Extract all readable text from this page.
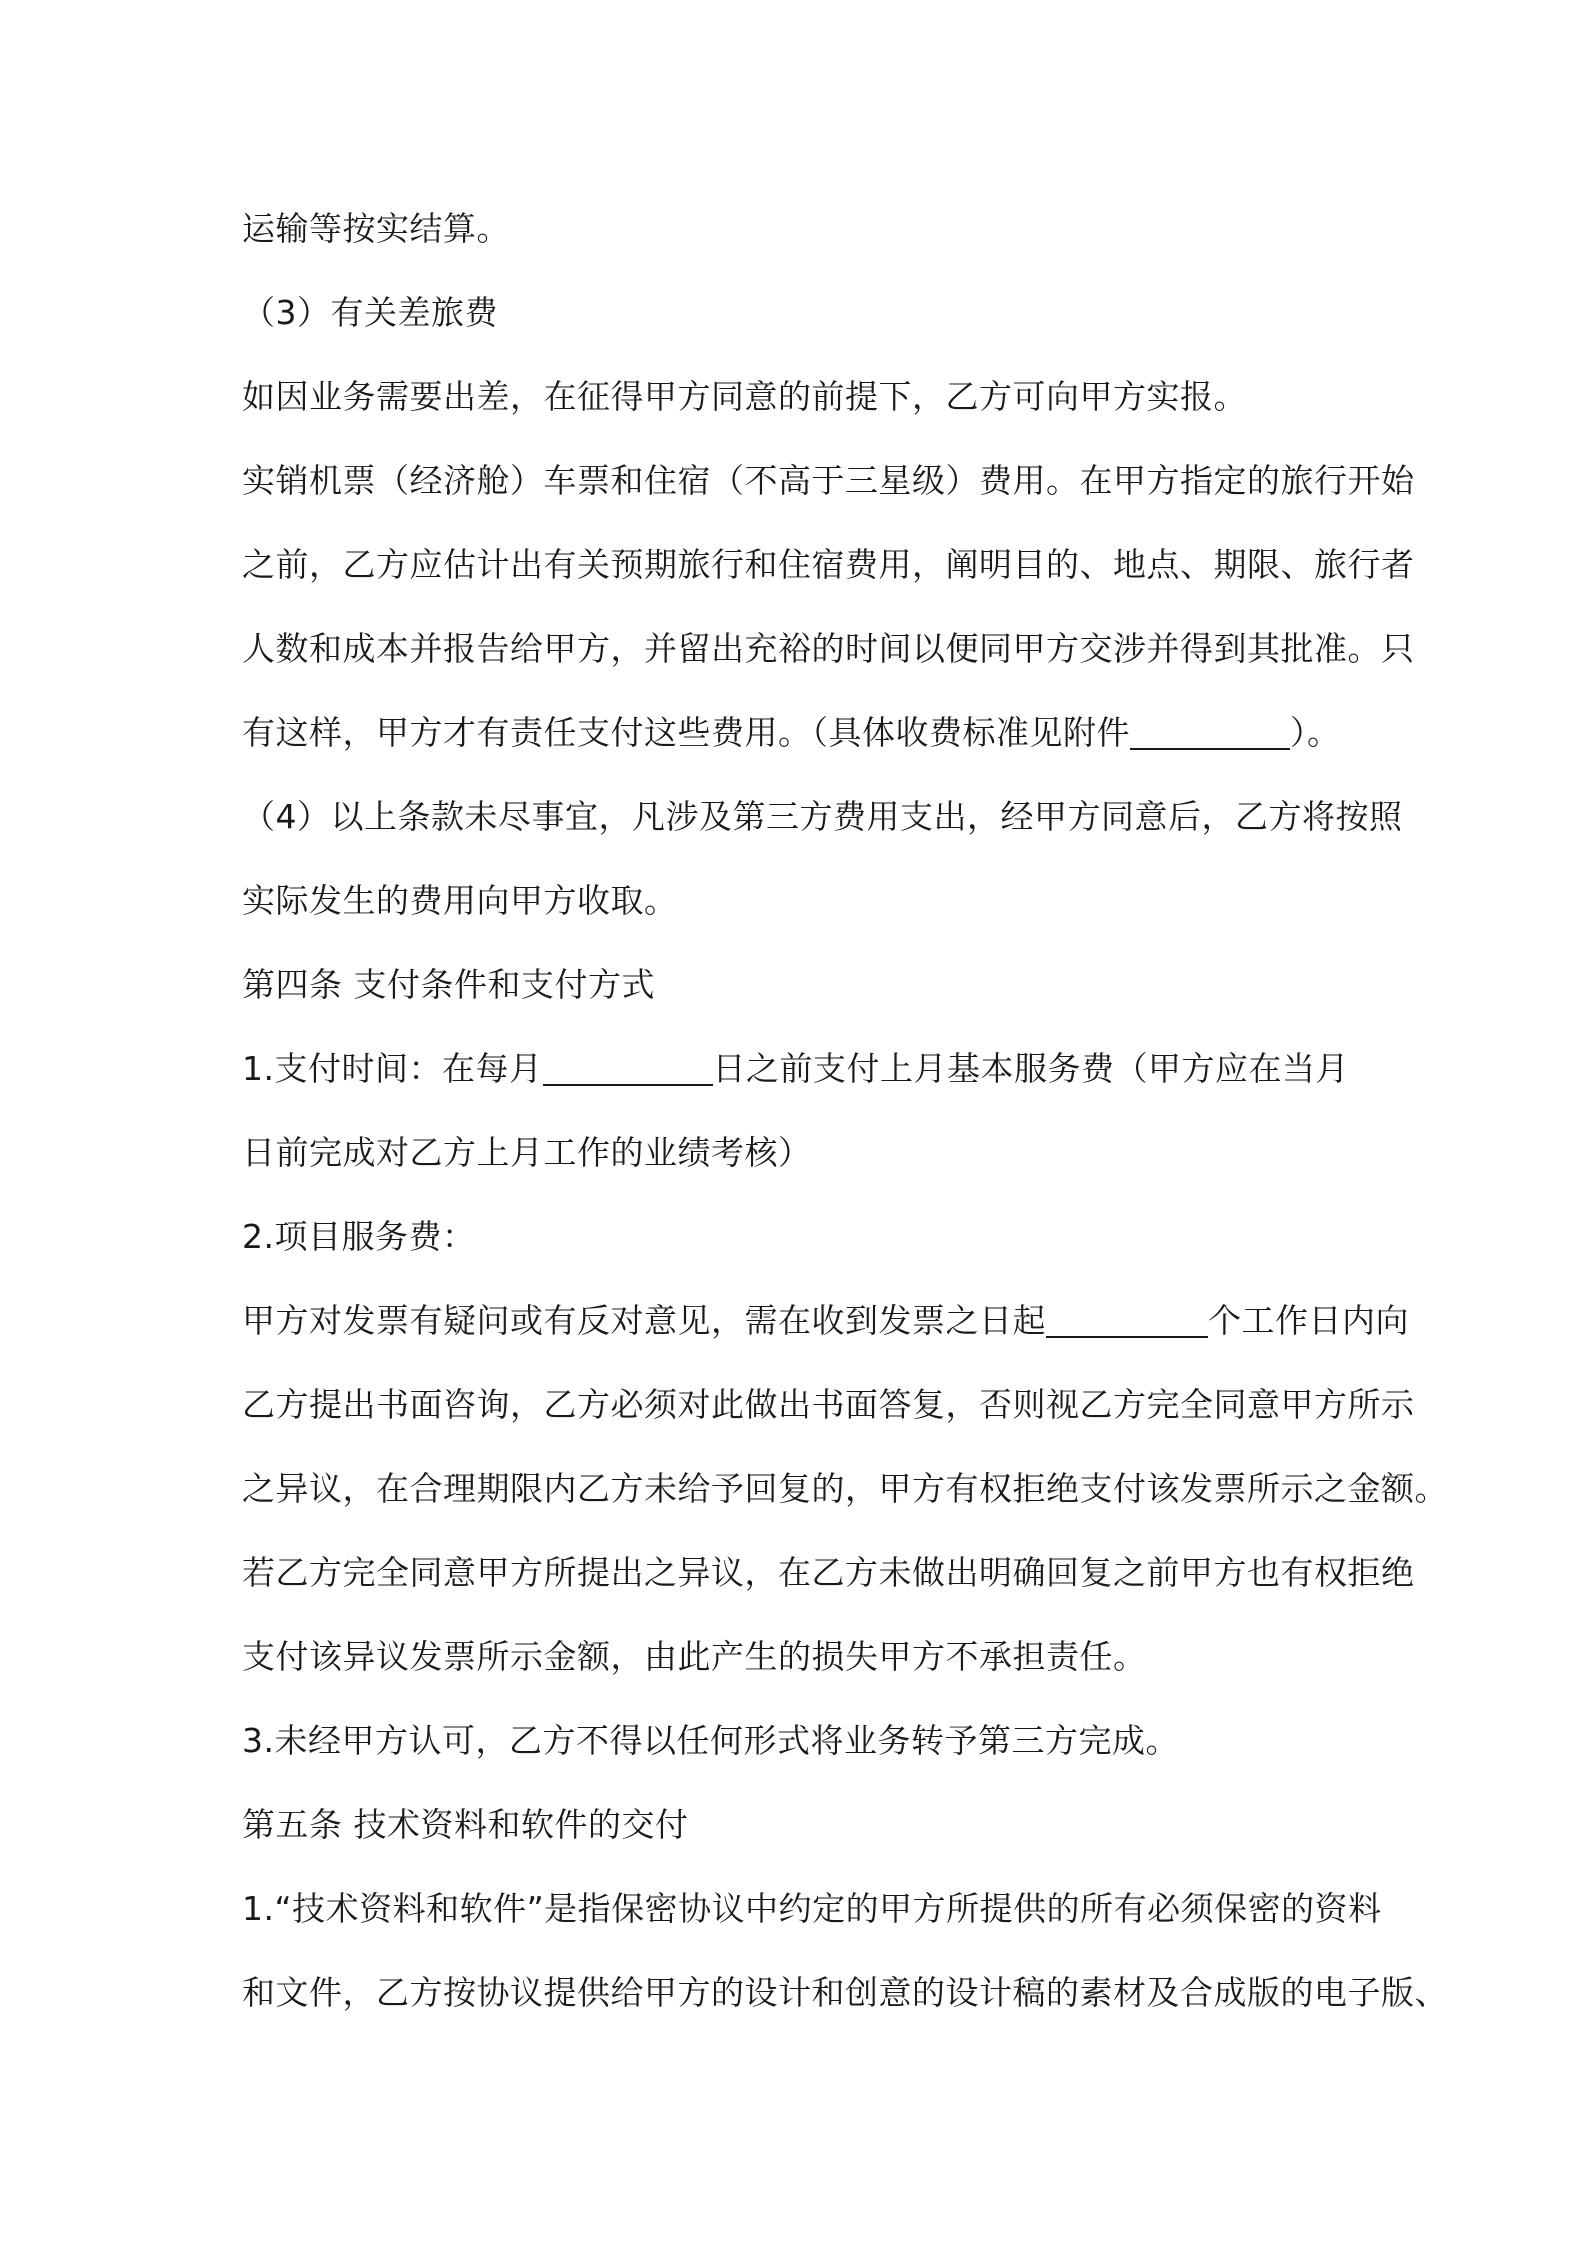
运输等按实结算。
（3）有关差旅费
如因业务需要出差，在征得甲方同意的前提下，乙方可向甲方实报。
实销机票（经济舱）车票和住宿（不高于三星级）费用。在甲方指定的旅行开始
之前，乙方应估计出有关预期旅行和住宿费用，阐明目的、地点、期限、旅行者
人数和成本并报告给甲方，并留出充裕的时间以便同甲方交涉并得到其批准。只
有这样，甲方才有责任支付这些费用。（具体收费标准见附件	）。
（4）以上条款未尽事宜，凡涉及第三方费用支出，经甲方同意后，乙方将按照
实际发生的费用向甲方收取。
第四条 支付条件和支付方式
1.支付时间：在每月	日之前支付上月基本服务费（甲方应在当月
日前完成对乙方上月工作的业绩考核）
2.项目服务费：
甲方对发票有疑问或有反对意见，需在收到发票之日起	个工作日内向
乙方提出书面咨询，乙方必须对此做出书面答复，否则视乙方完全同意甲方所示
之异议，在合理期限内乙方未给予回复的，甲方有权拒绝支付该发票所示之金额。
若乙方完全同意甲方所提出之异议，在乙方未做出明确回复之前甲方也有权拒绝
支付该异议发票所示金额，由此产生的损失甲方不承担责任。
3.未经甲方认可，乙方不得以任何形式将业务转予第三方完成。
第五条 技术资料和软件的交付
1.“技术资料和软件”是指保密协议中约定的甲方所提供的所有必须保密的资料
和文件，乙方按协议提供给甲方的设计和创意的设计稿的素材及合成版的电子版、
